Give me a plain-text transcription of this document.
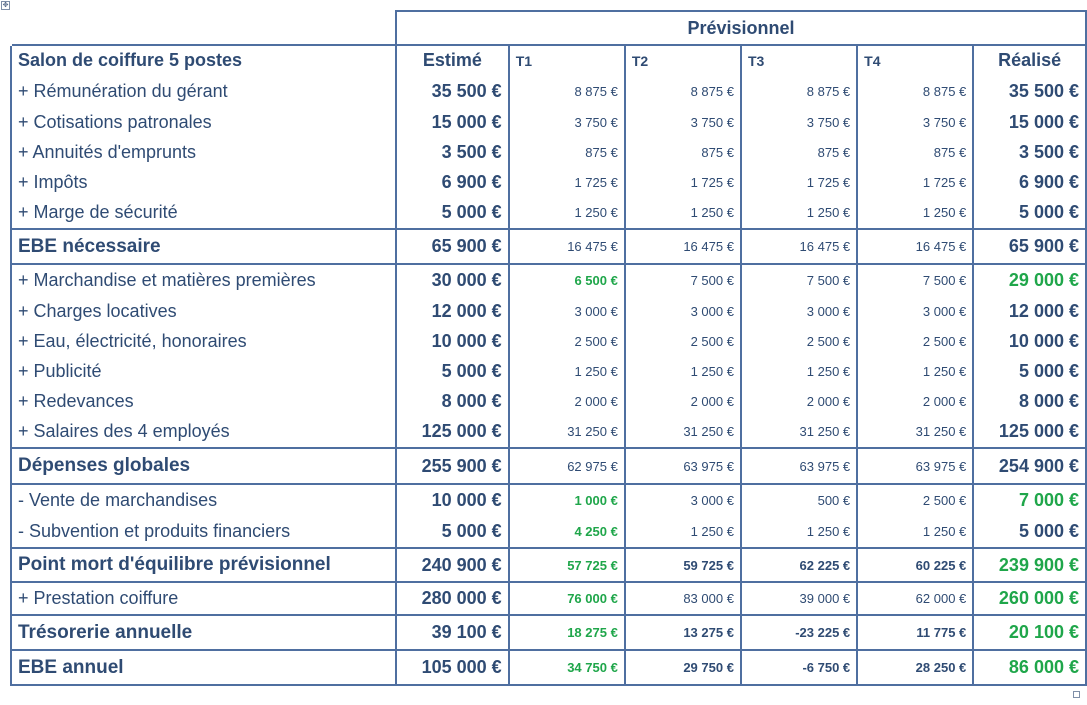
✥
	Prévisionnel					
Salon de coiffure 5 postes	Estimé	T1	T2	T3	T4	Réalisé
+ Rémunération du gérant	35 500 €	8 875 €	8 875 €	8 875 €	8 875 €	35 500 €
+ Cotisations patronales	15 000 €	3 750 €	3 750 €	3 750 €	3 750 €	15 000 €
+ Annuités d'emprunts	3 500 €	875 €	875 €	875 €	875 €	3 500 €
+ Impôts	6 900 €	1 725 €	1 725 €	1 725 €	1 725 €	6 900 €
+ Marge de sécurité	5 000 €	1 250 €	1 250 €	1 250 €	1 250 €	5 000 €
EBE nécessaire	65 900 €	16 475 €	16 475 €	16 475 €	16 475 €	65 900 €
+ Marchandise et matières premières	30 000 €	6 500 €	7 500 €	7 500 €	7 500 €	29 000 €
+ Charges locatives	12 000 €	3 000 €	3 000 €	3 000 €	3 000 €	12 000 €
+ Eau, électricité, honoraires	10 000 €	2 500 €	2 500 €	2 500 €	2 500 €	10 000 €
+ Publicité	5 000 €	1 250 €	1 250 €	1 250 €	1 250 €	5 000 €
+ Redevances	8 000 €	2 000 €	2 000 €	2 000 €	2 000 €	8 000 €
+ Salaires des 4 employés	125 000 €	31 250 €	31 250 €	31 250 €	31 250 €	125 000 €
Dépenses globales	255 900 €	62 975 €	63 975 €	63 975 €	63 975 €	254 900 €
- Vente de marchandises	10 000 €	1 000 €	3 000 €	500 €	2 500 €	7 000 €
- Subvention et produits financiers	5 000 €	4 250 €	1 250 €	1 250 €	1 250 €	5 000 €
Point mort d'équilibre prévisionnel	240 900 €	57 725 €	59 725 €	62 225 €	60 225 €	239 900 €
+ Prestation coiffure	280 000 €	76 000 €	83 000 €	39 000 €	62 000 €	260 000 €
Trésorerie annuelle	39 100 €	18 275 €	13 275 €	-23 225 €	11 775 €	20 100 €
EBE annuel	105 000 €	34 750 €	29 750 €	-6 750 €	28 250 €	86 000 €
